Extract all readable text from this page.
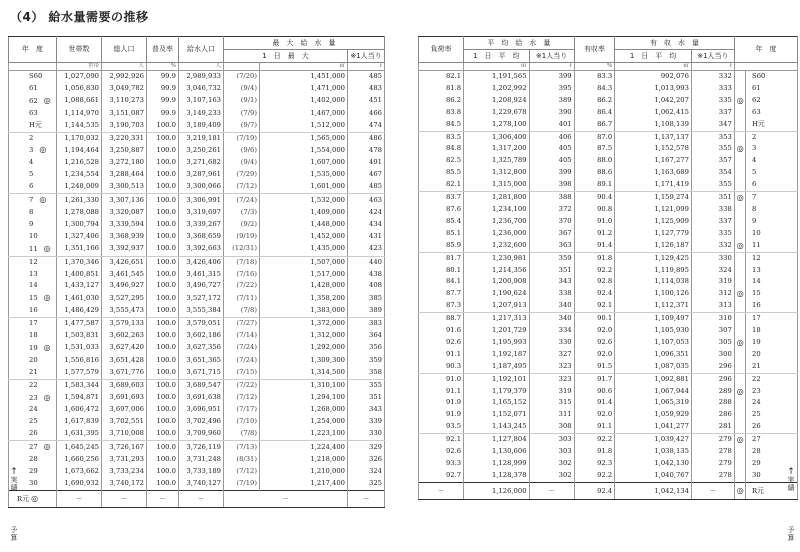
（4） 給水量需要の推移
年　度	世帯数	総人口	普及率	給水人口	最　大　給　水　量		
					1　日　最　大		※1人当り
	世帯	人	%	人		㎥	ℓ
S60	1,027,090	2,992,926	99.9	2,989,933	(7/20)	1,451,000	485
61	1,056,830	3,049,782	99.9	3,046,732	(9/4)	1,471,000	483
62 ◎	1,088,661	3,110,273	99.9	3,107,163	(9/1)	1,402,000	451
63	1,114,970	3,151,087	99.9	3,149,233	(7/9)	1,467,000	466
H元	1,144,535	3,190,703	100.0	3,189,409	(9/7)	1,512,000	474
2	1,170,032	3,220,331	100.0	3,219,181	(7/19)	1,565,000	486
3 ◎	1,194,464	3,250,887	100.0	3,250,261	(9/6)	1,554,000	478
4	1,216,528	3,272,180	100.0	3,271,682	(9/4)	1,607,000	491
5	1,234,554	3,288,464	100.0	3,287,961	(7/29)	1,535,000	467
6	1,248,009	3,300,513	100.0	3,300,066	(7/12)	1,601,000	485
7 ◎	1,261,330	3,307,136	100.0	3,306,991	(7/24)	1,532,000	463
8	1,278,088	3,320,087	100.0	3,319,697	(7/3)	1,409,000	424
9	1,300,794	3,339,594	100.0	3,339,267	(9/2)	1,448,000	434
10	1,327,406	3,368,939	100.0	3,368,659	(9/19)	1,452,000	431
11 ◎	1,351,166	3,392,937	100.0	3,392,663	(12/31)	1,435,000	423
12	1,370,346	3,426,651	100.0	3,426,406	(7/18)	1,507,000	440
13	1,400,851	3,461,545	100.0	3,461,315	(7/16)	1,517,000	438
14	1,433,127	3,496,927	100.0	3,496,727	(7/22)	1,428,000	408
15 ◎	1,461,030	3,527,295	100.0	3,527,172	(7/11)	1,358,200	385
16	1,486,429	3,555,473	100.0	3,555,384	(7/8)	1,383,000	389
17	1,477,587	3,579,133	100.0	3,579,051	(7/27)	1,372,000	383
18	1,503,831	3,602,263	100.0	3,602,186	(7/14)	1,312,000	364
19 ◎	1,531,033	3,627,420	100.0	3,627,356	(7/24)	1,292,000	356
20	1,556,816	3,651,428	100.0	3,651,365	(7/24)	1,309,300	359
21	1,577,579	3,671,776	100.0	3,671,715	(7/15)	1,314,500	358
22	1,583,344	3,689,603	100.0	3,689,547	(7/22)	1,310,100	355
23 ◎	1,594,871	3,691,693	100.0	3,691,638	(7/12)	1,294,100	351
24	1,606,472	3,697,006	100.0	3,696,951	(7/17)	1,268,000	343
25	1,617,839	3,702,551	100.0	3,702,496	(7/10)	1,254,000	339
26	1,631,395	3,710,008	100.0	3,709,960	(7/8)	1,223,100	330
27 ◎	1,645,245	3,726,167	100.0	3,726,119	(7/13)	1,224,400	329
28	1,660,256	3,731,293	100.0	3,731,248	(8/31)	1,218,000	326
29	1,673,662	3,733,234	100.0	3,733,189	(7/12)	1,210,000	324
30	1,690,932	3,740,172	100.0	3,740,127	(7/19)	1,217,400	325
R元 ◎	－	－	－	－	－		－
↑
実績
予算
負荷率	平　均　給　水　量		有収率	有　収　水　量		年　度	
	1　日　平　均	※1人当り		1　日　平　均	※1人当り		
	㎥	ℓ	%	㎥	ℓ		
82.1	1,191,565	399	83.3	992,076	332		S60
81.8	1,202,992	395	84.3	1,013,993	333		61
86.2	1,208,924	389	86.2	1,042,207	335	◎	62
83.8	1,229,678	390	86.4	1,062,415	337		63
84.5	1,278,100	401	86.7	1,108,139	347		H元
83.5	1,306,400	406	87.0	1,137,137	353		2
84.8	1,317,200	405	87.5	1,152,578	355	◎	3
82.5	1,325,789	405	88.0	1,167,277	357		4
85.5	1,312,800	399	88.6	1,163,689	354		5
82.1	1,315,000	398	89.1	1,171,419	355		6
83.7	1,281,800	388	90.4	1,159,274	351	◎	7
87.6	1,234,100	372	90.8	1,121,099	338		8
85.4	1,236,700	370	91.0	1,125,909	337		9
85.1	1,236,000	367	91.2	1,127,779	335		10
85.9	1,232,600	363	91.4	1,126,187	332	◎	11
81.7	1,230,981	359	91.8	1,129,425	330		12
80.1	1,214,356	351	92.2	1,119,895	324		13
84.1	1,200,908	343	92.8	1,114,038	319		14
87.7	1,190,624	338	92.4	1,100,126	312	◎	15
87.3	1,207,913	340	92.1	1,112,371	313		16
88.7	1,217,313	340	90.1	1,109,497	310		17
91.6	1,201,729	334	92.0	1,105,930	307		18
92.6	1,195,993	330	92.6	1,107,053	305	◎	19
91.1	1,192,187	327	92.0	1,096,351	300		20
90.3	1,187,495	323	91.5	1,087,035	296		21
91.0	1,192,101	323	91.7	1,092,881	296		22
91.1	1,179,379	319	90.6	1,067,944	289	◎	23
91.9	1,165,152	315	91.4	1,065,319	288		24
91.9	1,152,071	311	92.0	1,059,929	286		25
93.5	1,143,245	308	91.1	1,041,277	281		26
92.1	1,127,804	303	92.2	1,039,427	279	◎	27
92.6	1,130,606	303	91.8	1,038,135	278		28
93.3	1,128,999	302	92.3	1,042,130	279		29
92.7	1,128,378	302	92.2	1,040,767	278		30
－	1,126,000	－	92.4	1,042,134	－	◎	R元
↑
実績
予算
